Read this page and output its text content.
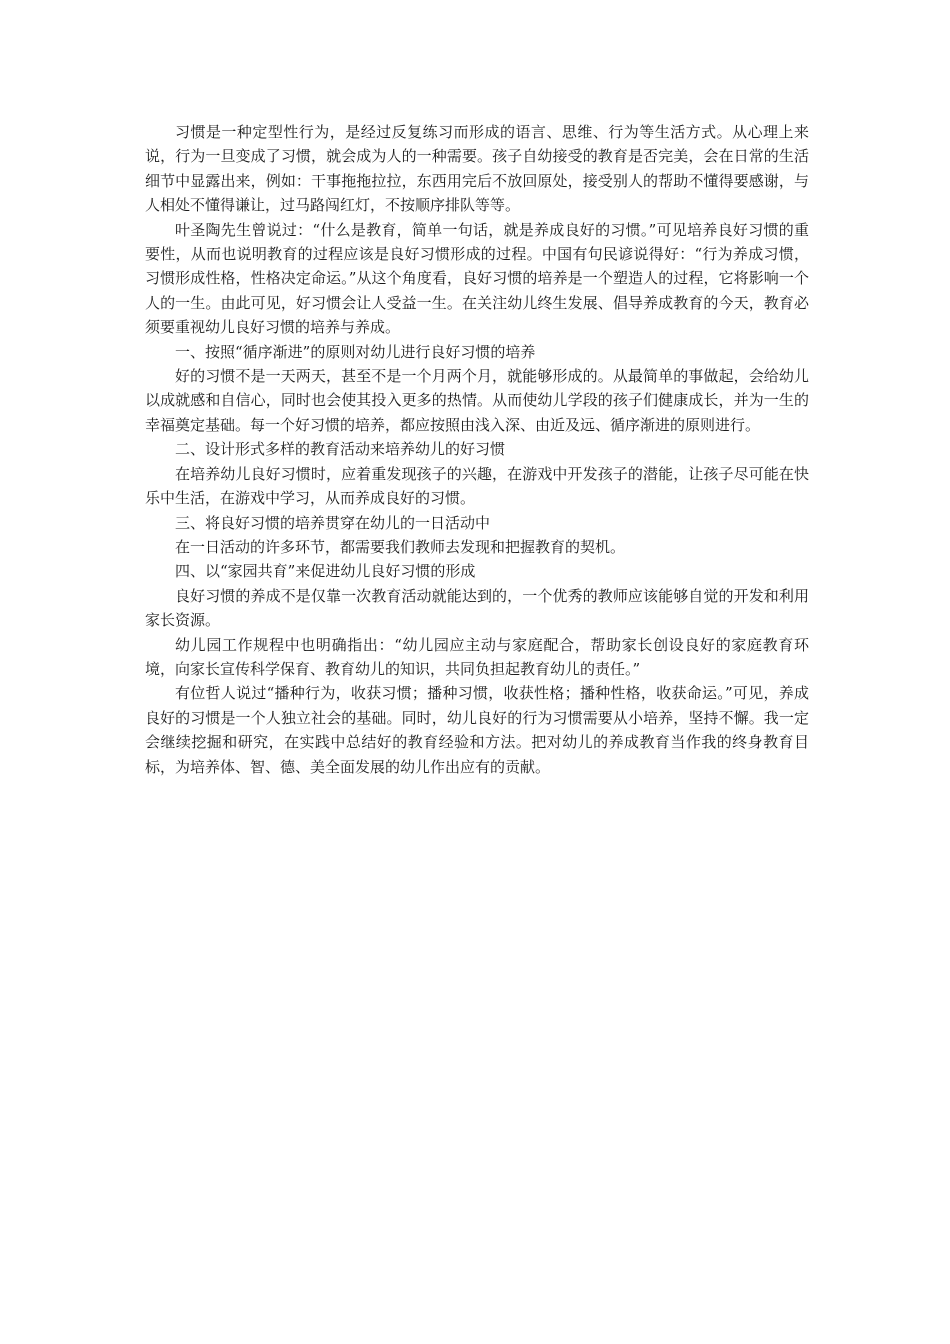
习惯是一种定型性行为，是经过反复练习而形成的语言、思维、行为等生活方式。从心理上来说，行为一旦变成了习惯，就会成为人的一种需要。孩子自幼接受的教育是否完美，会在日常的生活细节中显露出来，例如：干事拖拖拉拉，东西用完后不放回原处，接受别人的帮助不懂得要感谢，与人相处不懂得谦让，过马路闯红灯，不按顺序排队等等。

叶圣陶先生曾说过：“什么是教育，简单一句话，就是养成良好的习惯。”可见培养良好习惯的重要性，从而也说明教育的过程应该是良好习惯形成的过程。中国有句民谚说得好：“行为养成习惯，习惯形成性格，性格决定命运。”从这个角度看，良好习惯的培养是一个塑造人的过程，它将影响一个人的一生。由此可见，好习惯会让人受益一生。在关注幼儿终生发展、倡导养成教育的今天，教育必须要重视幼儿良好习惯的培养与养成。

一、按照“循序渐进”的原则对幼儿进行良好习惯的培养

好的习惯不是一天两天，甚至不是一个月两个月，就能够形成的。从最简单的事做起，会给幼儿以成就感和自信心，同时也会使其投入更多的热情。从而使幼儿学段的孩子们健康成长，并为一生的幸福奠定基础。每一个好习惯的培养，都应按照由浅入深、由近及远、循序渐进的原则进行。

二、设计形式多样的教育活动来培养幼儿的好习惯

在培养幼儿良好习惯时，应着重发现孩子的兴趣，在游戏中开发孩子的潜能，让孩子尽可能在快乐中生活，在游戏中学习，从而养成良好的习惯。

三、将良好习惯的培养贯穿在幼儿的一日活动中

在一日活动的许多环节，都需要我们教师去发现和把握教育的契机。

四、以“家园共育”来促进幼儿良好习惯的形成

良好习惯的养成不是仅靠一次教育活动就能达到的，一个优秀的教师应该能够自觉的开发和利用家长资源。

幼儿园工作规程中也明确指出：“幼儿园应主动与家庭配合，帮助家长创设良好的家庭教育环境，向家长宣传科学保育、教育幼儿的知识，共同负担起教育幼儿的责任。”

有位哲人说过“播种行为，收获习惯；播种习惯，收获性格；播种性格，收获命运。”可见，养成良好的习惯是一个人独立社会的基础。同时，幼儿良好的行为习惯需要从小培养，坚持不懈。我一定会继续挖掘和研究，在实践中总结好的教育经验和方法。把对幼儿的养成教育当作我的终身教育目标，为培养体、智、德、美全面发展的幼儿作出应有的贡献。
